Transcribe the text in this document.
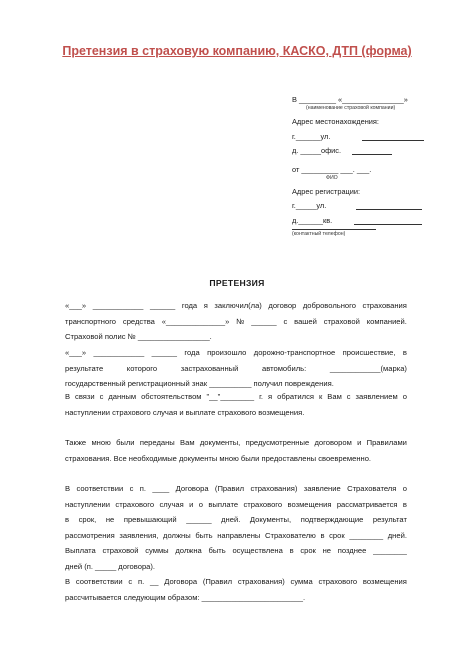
Претензия в страховую компанию, КАСКО, ДТП (форма)
В _________ «_______________»
(наименование страховой компании)
Адрес местонахождения:
г.______ул.
д. _____офис.
от _________ ___. ___.
ФИО
Адрес регистрации:
г._____ул.
д.______кв.
(контактный телефон)
ПРЕТЕНЗИЯ
«___» ____________ ______ года я заключил(ла) договор добровольного страхования
транспортного средства «______________» № ______ с вашей страховой компанией.
Страховой полис № _________________.
«___» ____________ ______ года произошло дорожно-транспортное происшествие, в
результате	которого	застрахованный	автомобиль:	____________(марка)
государственный регистрационный знак __________ получил повреждения.
В связи с данным обстоятельством "__"________ г. я обратился к Вам с заявлением о
наступлении страхового случая и выплате страхового возмещения.
Также мною были переданы Вам документы, предусмотренные договором и Правилами
страхования. Все необходимые документы мною были предоставлены своевременно.
В соответствии с п. ____ Договора (Правил страхования) заявление Страхователя о
наступлении страхового случая и о выплате страхового возмещения рассматривается в
в срок, не превышающий ______ дней. Документы, подтверждающие результат
рассмотрения заявления, должны быть направлены Страхователю в срок ________ дней.
Выплата страховой суммы должна быть осуществлена в срок не позднее ________
дней (п. _____ договора).
В соответствии с п. __ Договора (Правил страхования) сумма страхового возмещения
рассчитывается следующим образом: ________________________.
